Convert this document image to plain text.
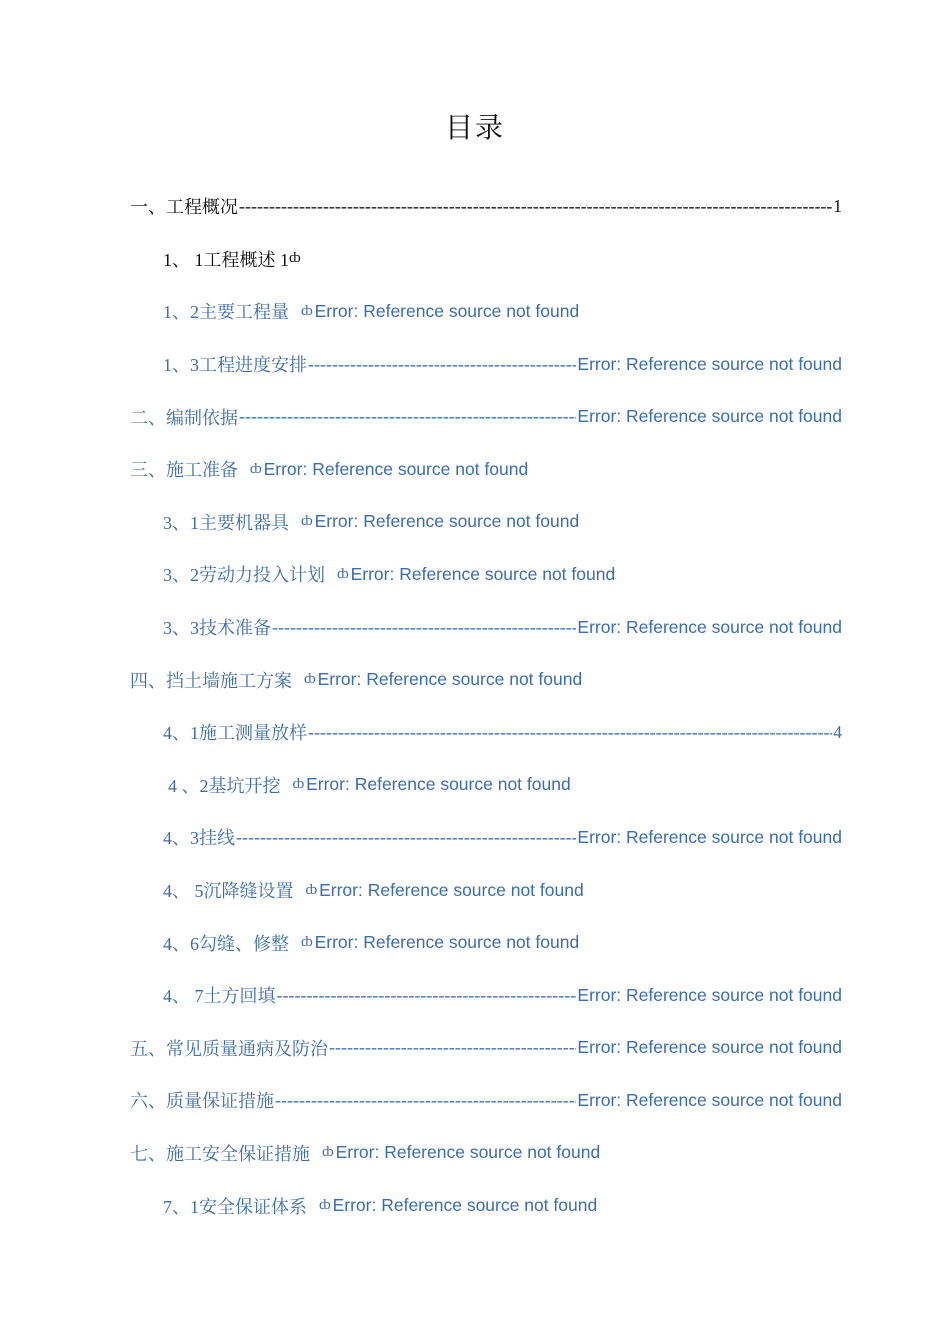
目录
一、工程概况 -----	1
1、 1工程概述 1 ȸ
1、2主要工程量 ȸ Error: Reference source not found
1、3工程进度安排 -----	Error: Reference source not found
二、编制依据 -----	Error: Reference source not found
三、施工准备 ȸ Error: Reference source not found
3、1主要机器具 ȸ Error: Reference source not found
3、2劳动力投入计划 ȸ Error: Reference source not found
3、3技术准备 -----	Error: Reference source not found
四、挡土墙施工方案 ȸ Error: Reference source not found
4、1施工测量放样 -----	4
4 、2基坑开挖 ȸ Error: Reference source not found
4、3挂线 -----	Error: Reference source not found
4、 5沉降缝设置 ȸ Error: Reference source not found
4、6勾缝、修整 ȸ Error: Reference source not found
4、 7土方回填 -----	Error: Reference source not found
五、常见质量通病及防治 -----	Error: Reference source not found
六、质量保证措施 -----	Error: Reference source not found
七、施工安全保证措施 ȸ Error: Reference source not found
7、1安全保证体系 ȸ Error: Reference source not found
